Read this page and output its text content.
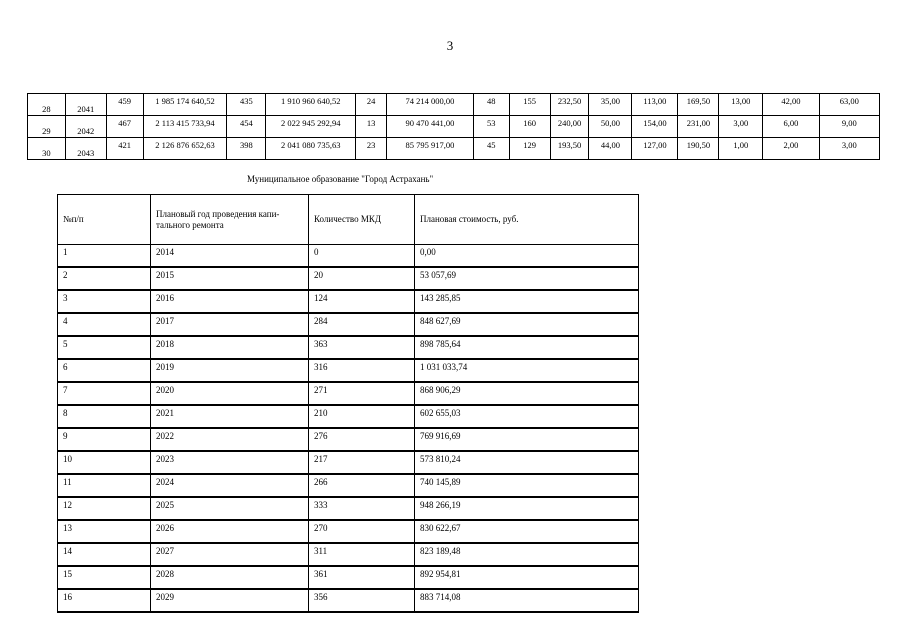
3
28	2041	459	1 985 174 640,52	435	1 910 960 640,52	24	74 214 000,00	48	155	232,50	35,00	113,00	169,50	13,00	42,00	63,00
29	2042	467	2 113 415 733,94	454	2 022 945 292,94	13	90 470 441,00	53	160	240,00	50,00	154,00	231,00	3,00	6,00	9,00
30	2043	421	2 126 876 652,63	398	2 041 080 735,63	23	85 795 917,00	45	129	193,50	44,00	127,00	190,50	1,00	2,00	3,00
Муниципальное образование "Город Астрахань"
№п/п	Плановый год проведения капи-тального ремонта	Количество МКД	Плановая стоимость, руб.
1	2014	0	0,00
2	2015	20	53 057,69
3	2016	124	143 285,85
4	2017	284	848 627,69
5	2018	363	898 785,64
6	2019	316	1 031 033,74
7	2020	271	868 906,29
8	2021	210	602 655,03
9	2022	276	769 916,69
10	2023	217	573 810,24
11	2024	266	740 145,89
12	2025	333	948 266,19
13	2026	270	830 622,67
14	2027	311	823 189,48
15	2028	361	892 954,81
16	2029	356	883 714,08
